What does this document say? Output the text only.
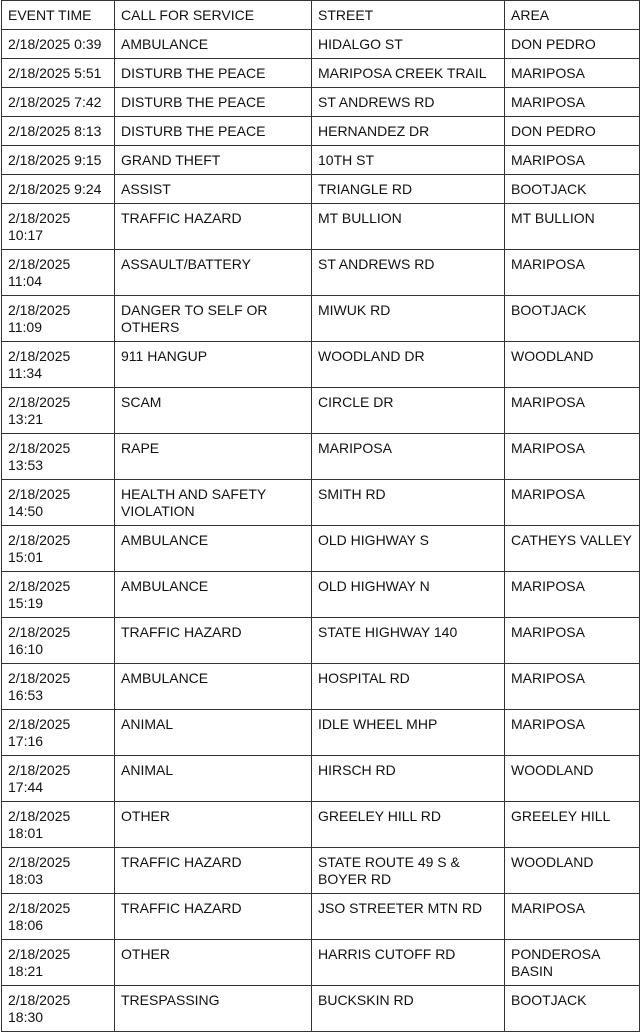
EVENT TIME	CALL FOR SERVICE	STREET	AREA
2/18/2025 0:39	AMBULANCE	HIDALGO ST	DON PEDRO
2/18/2025 5:51	DISTURB THE PEACE	MARIPOSA CREEK TRAIL	MARIPOSA
2/18/2025 7:42	DISTURB THE PEACE	ST ANDREWS RD	MARIPOSA
2/18/2025 8:13	DISTURB THE PEACE	HERNANDEZ DR	DON PEDRO
2/18/2025 9:15	GRAND THEFT	10TH ST	MARIPOSA
2/18/2025 9:24	ASSIST	TRIANGLE RD	BOOTJACK
2/18/2025 10:17	TRAFFIC HAZARD	MT BULLION	MT BULLION
2/18/2025 11:04	ASSAULT/BATTERY	ST ANDREWS RD	MARIPOSA
2/18/2025 11:09	DANGER TO SELF OR OTHERS	MIWUK RD	BOOTJACK
2/18/2025 11:34	911 HANGUP	WOODLAND DR	WOODLAND
2/18/2025 13:21	SCAM	CIRCLE DR	MARIPOSA
2/18/2025 13:53	RAPE	MARIPOSA	MARIPOSA
2/18/2025 14:50	HEALTH AND SAFETY VIOLATION	SMITH RD	MARIPOSA
2/18/2025 15:01	AMBULANCE	OLD HIGHWAY S	CATHEYS VALLEY
2/18/2025 15:19	AMBULANCE	OLD HIGHWAY N	MARIPOSA
2/18/2025 16:10	TRAFFIC HAZARD	STATE HIGHWAY 140	MARIPOSA
2/18/2025 16:53	AMBULANCE	HOSPITAL RD	MARIPOSA
2/18/2025 17:16	ANIMAL	IDLE WHEEL MHP	MARIPOSA
2/18/2025 17:44	ANIMAL	HIRSCH RD	WOODLAND
2/18/2025 18:01	OTHER	GREELEY HILL RD	GREELEY HILL
2/18/2025 18:03	TRAFFIC HAZARD	STATE ROUTE 49 S & BOYER RD	WOODLAND
2/18/2025 18:06	TRAFFIC HAZARD	JSO STREETER MTN RD	MARIPOSA
2/18/2025 18:21	OTHER	HARRIS CUTOFF RD	PONDEROSA BASIN
2/18/2025 18:30	TRESPASSING	BUCKSKIN RD	BOOTJACK
